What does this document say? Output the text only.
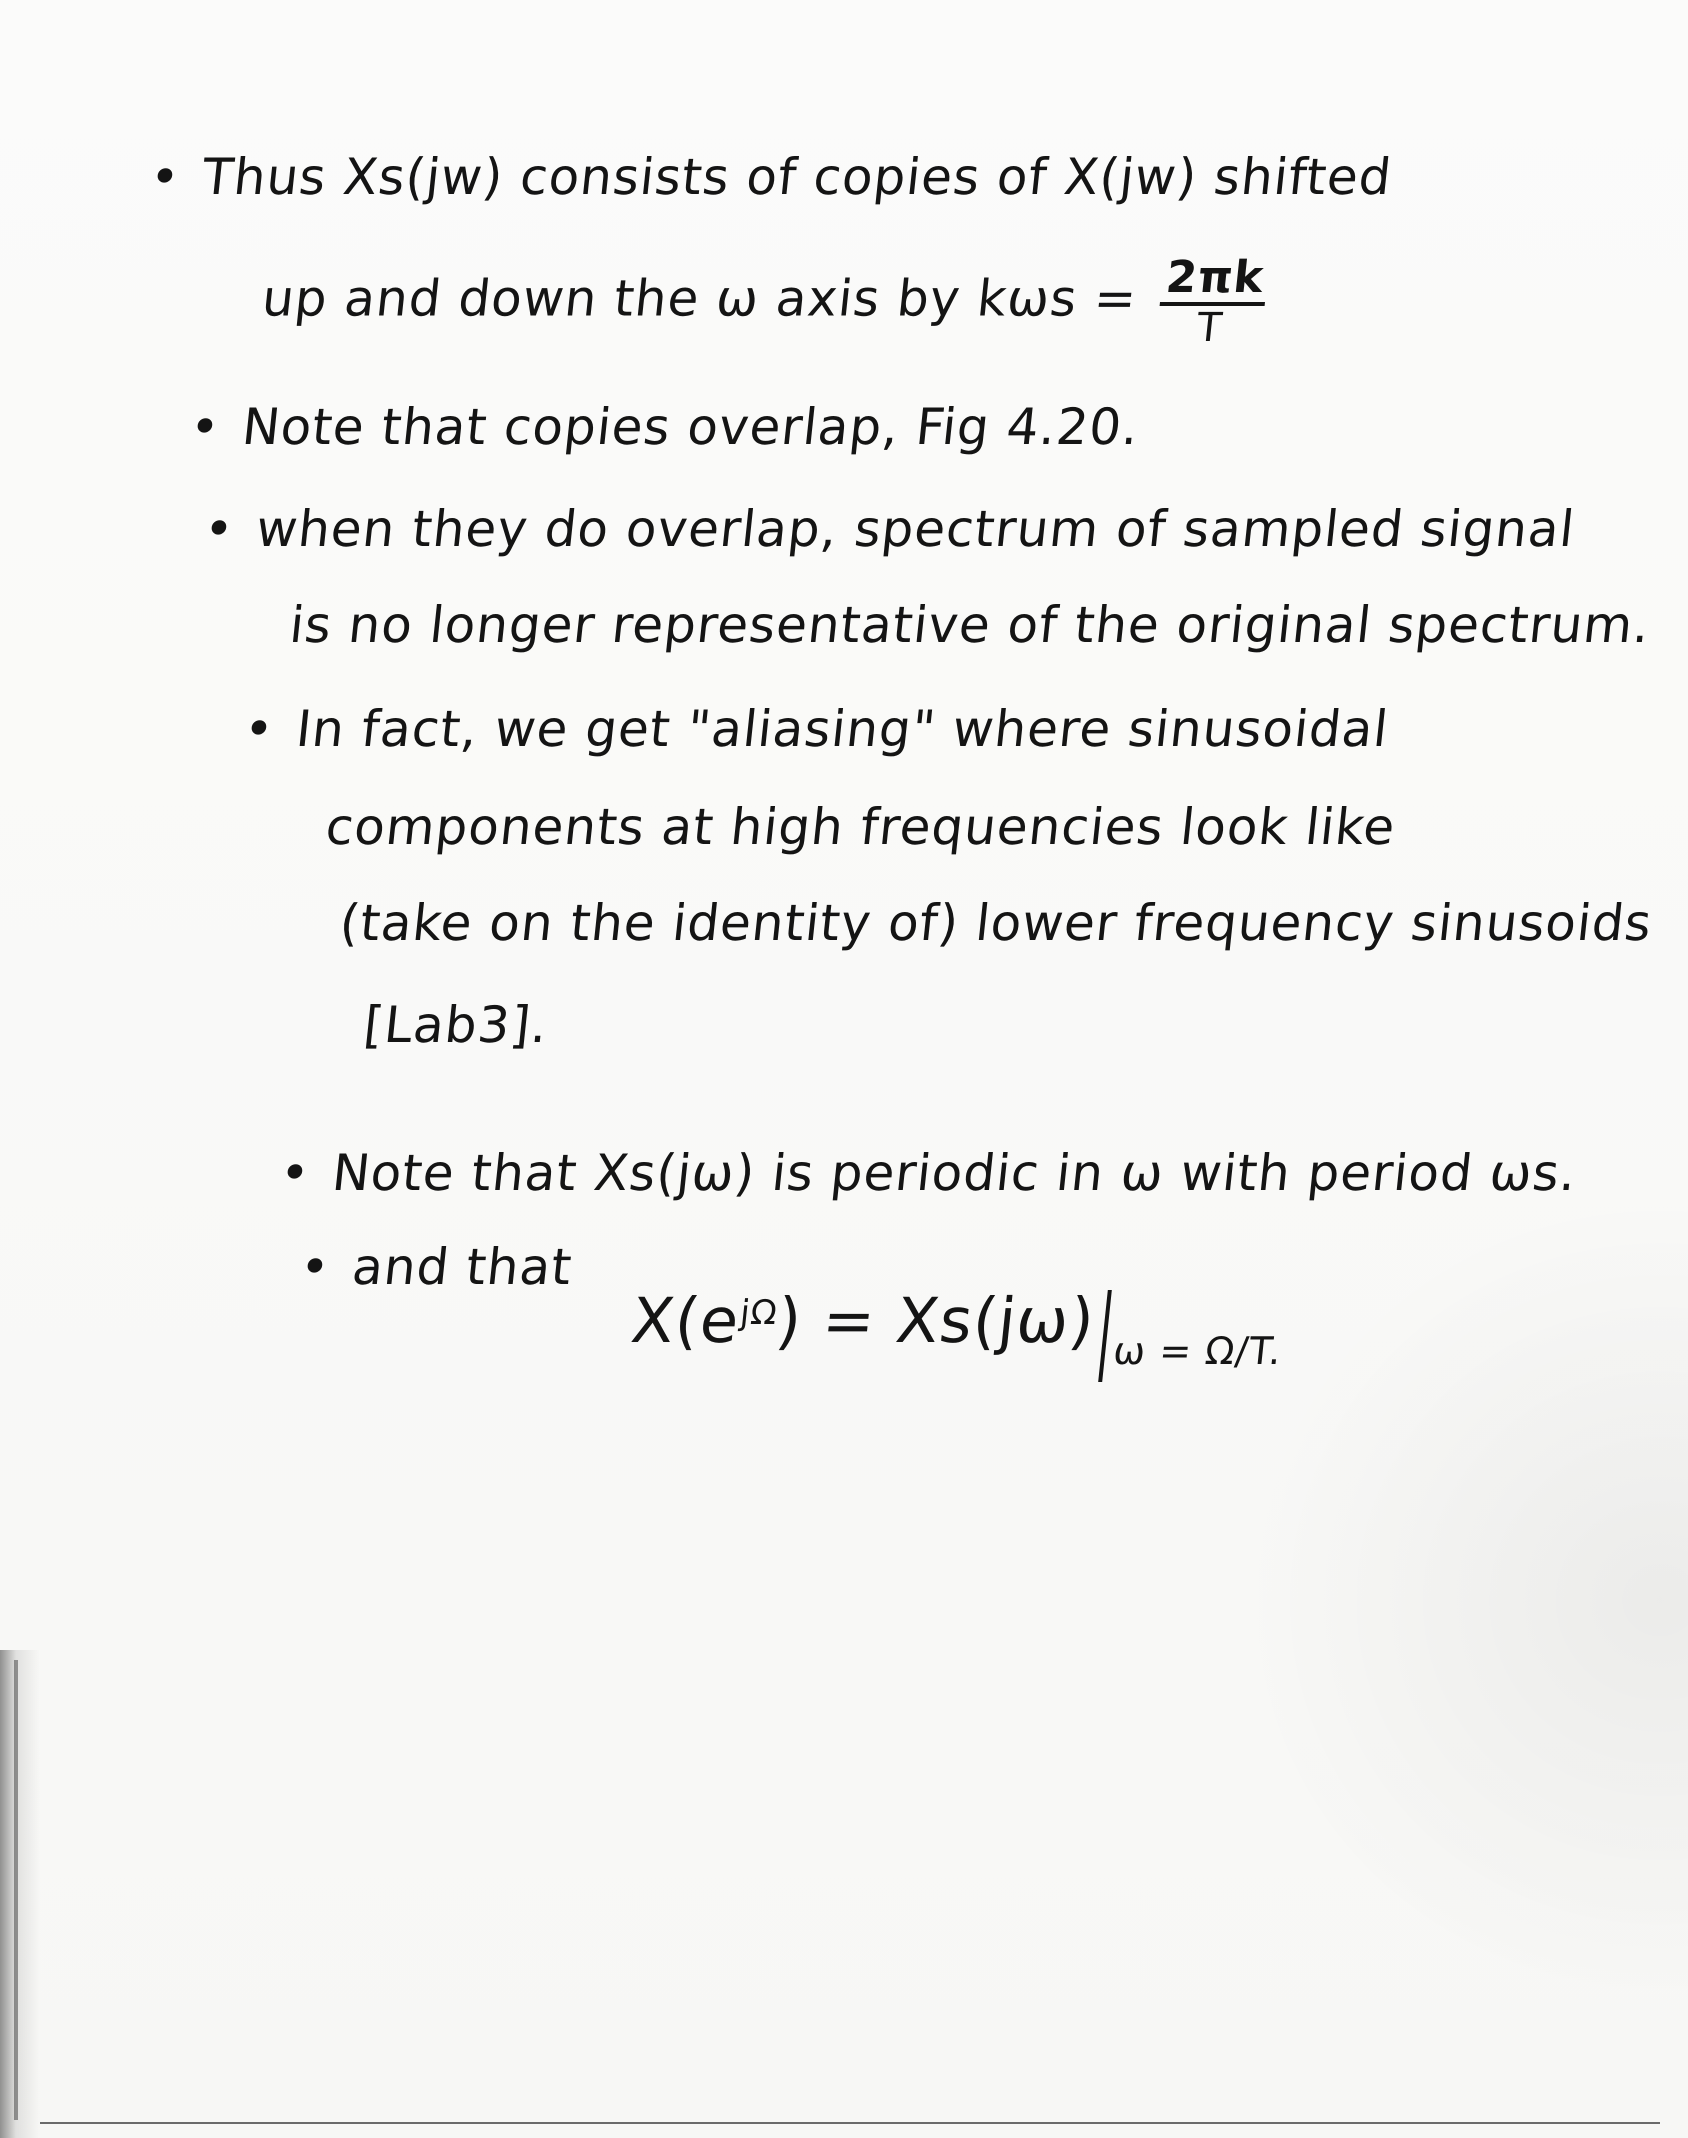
• Thus Xs(jw) consists of copies of X(jw) shifted
up and down the ω axis by $k\omega s = \frac{2\pi k}{T}$
• Note that copies overlap, Fig 4.20.
• when they do overlap, spectrum of sampled signal
is no longer representative of the original spectrum.
• In fact, we get "aliasing" where sinusoidal
components at high frequencies look like
(take on the identity of) lower frequency sinusoids
[Lab3].
• Note that Xs(jω) is periodic in ω with period ωs.
• and that
$X(e^{j\Omega}) = Xs(j\omega)$ $_{\omega = \Omega/T.}$
